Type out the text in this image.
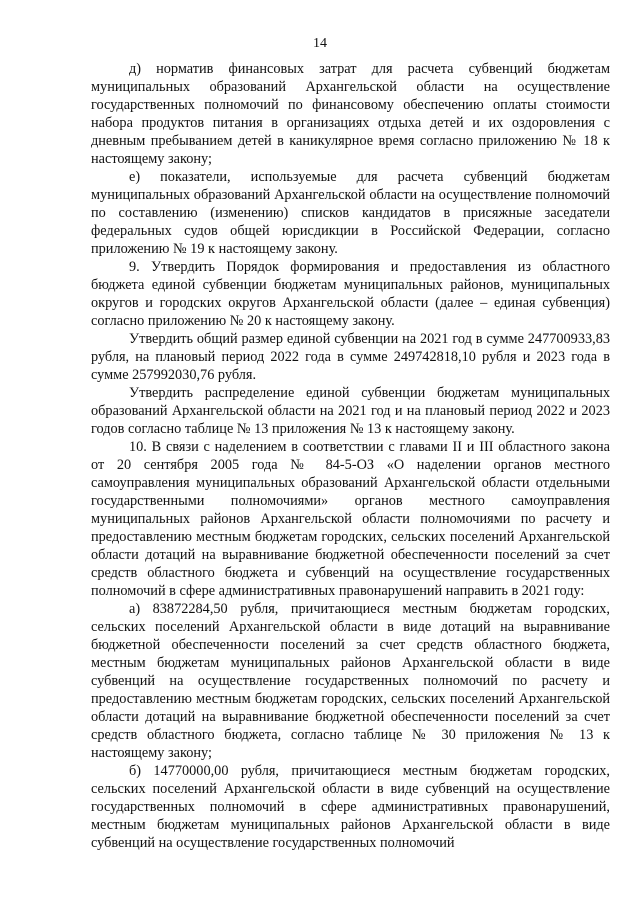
14

д) норматив финансовых затрат для расчета субвенций бюджетам муниципальных образований Архангельской области на осуществление государственных полномочий по финансовому обеспечению оплаты стоимости набора продуктов питания в организациях отдыха детей и их оздоровления с дневным пребыванием детей в каникулярное время согласно приложению № 18 к настоящему закону;

е) показатели, используемые для расчета субвенций бюджетам муниципальных образований Архангельской области на осуществление полномочий по составлению (изменению) списков кандидатов в присяжные заседатели федеральных судов общей юрисдикции в Российской Федерации, согласно приложению № 19 к настоящему закону.

9. Утвердить Порядок формирования и предоставления из областного бюджета единой субвенции бюджетам муниципальных районов, муниципальных округов и городских округов Архангельской области (далее – единая субвенция) согласно приложению № 20 к настоящему закону.

Утвердить общий размер единой субвенции на 2021 год в сумме 247700933,83 рубля, на плановый период 2022 года в сумме 249742818,10 рубля и 2023 года в сумме 257992030,76 рубля.

Утвердить распределение единой субвенции бюджетам муниципальных образований Архангельской области на 2021 год и на плановый период 2022 и 2023 годов согласно таблице № 13 приложения № 13 к настоящему закону.

10. В связи с наделением в соответствии с главами II и III областного закона от 20 сентября 2005 года № 84-5-ОЗ «О наделении органов местного самоуправления муниципальных образований Архангельской области отдельными государственными полномочиями» органов местного самоуправления муниципальных районов Архангельской области полномочиями по расчету и предоставлению местным бюджетам городских, сельских поселений Архангельской области дотаций на выравнивание бюджетной обеспеченности поселений за счет средств областного бюджета и субвенций на осуществление государственных полномочий в сфере административных правонарушений направить в 2021 году:

а) 83872284,50 рубля, причитающиеся местным бюджетам городских, сельских поселений Архангельской области в виде дотаций на выравнивание бюджетной обеспеченности поселений за счет средств областного бюджета, местным бюджетам муниципальных районов Архангельской области в виде субвенций на осуществление государственных полномочий по расчету и предоставлению местным бюджетам городских, сельских поселений Архангельской области дотаций на выравнивание бюджетной обеспеченности поселений за счет средств областного бюджета, согласно таблице № 30 приложения № 13 к настоящему закону;

б) 14770000,00 рубля, причитающиеся местным бюджетам городских, сельских поселений Архангельской области в виде субвенций на осуществление государственных полномочий в сфере административных правонарушений, местным бюджетам муниципальных районов Архангельской области в виде субвенций на осуществление государственных полномочий
